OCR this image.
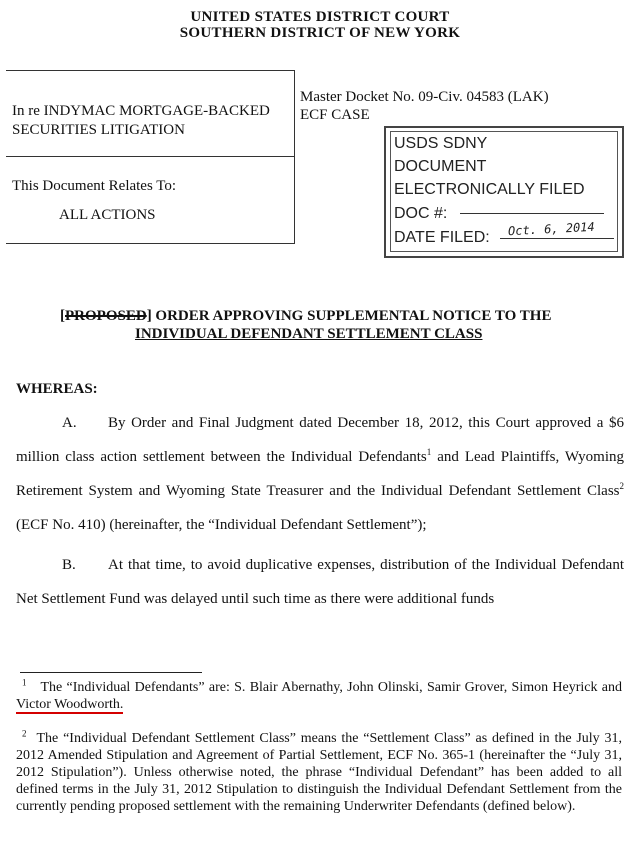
UNITED STATES DISTRICT COURT
SOUTHERN DISTRICT OF NEW YORK
In re INDYMAC MORTGAGE-BACKED
SECURITIES LITIGATION
This Document Relates To:
ALL ACTIONS
Master Docket No. 09-Civ. 04583 (LAK)
ECF CASE
USDS SDNY
DOCUMENT
ELECTRONICALLY FILED
DOC #:
DATE FILED: Oct. 6, 2014
[PROPOSED] ORDER APPROVING SUPPLEMENTAL NOTICE TO THE
INDIVIDUAL DEFENDANT SETTLEMENT CLASS
WHEREAS:
A. By Order and Final Judgment dated December 18, 2012, this Court approved a $6 million class action settlement between the Individual Defendants$^1$ and Lead Plaintiffs, Wyoming Retirement System and Wyoming State Treasurer and the Individual Defendant Settlement Class$^2$ (ECF No. 410) (hereinafter, the “Individual Defendant Settlement”);
B. At that time, to avoid duplicative expenses, distribution of the Individual Defendant Net Settlement Fund was delayed until such time as there were additional funds
$^1$ The “Individual Defendants” are: S. Blair Abernathy, John Olinski, Samir Grover, Simon Heyrick and Victor Woodworth.
$^2$ The “Individual Defendant Settlement Class” means the “Settlement Class” as defined in the July 31, 2012 Amended Stipulation and Agreement of Partial Settlement, ECF No. 365-1 (hereinafter the “July 31, 2012 Stipulation”). Unless otherwise noted, the phrase “Individual Defendant” has been added to all defined terms in the July 31, 2012 Stipulation to distinguish the Individual Defendant Settlement from the currently pending proposed settlement with the remaining Underwriter Defendants (defined below).
